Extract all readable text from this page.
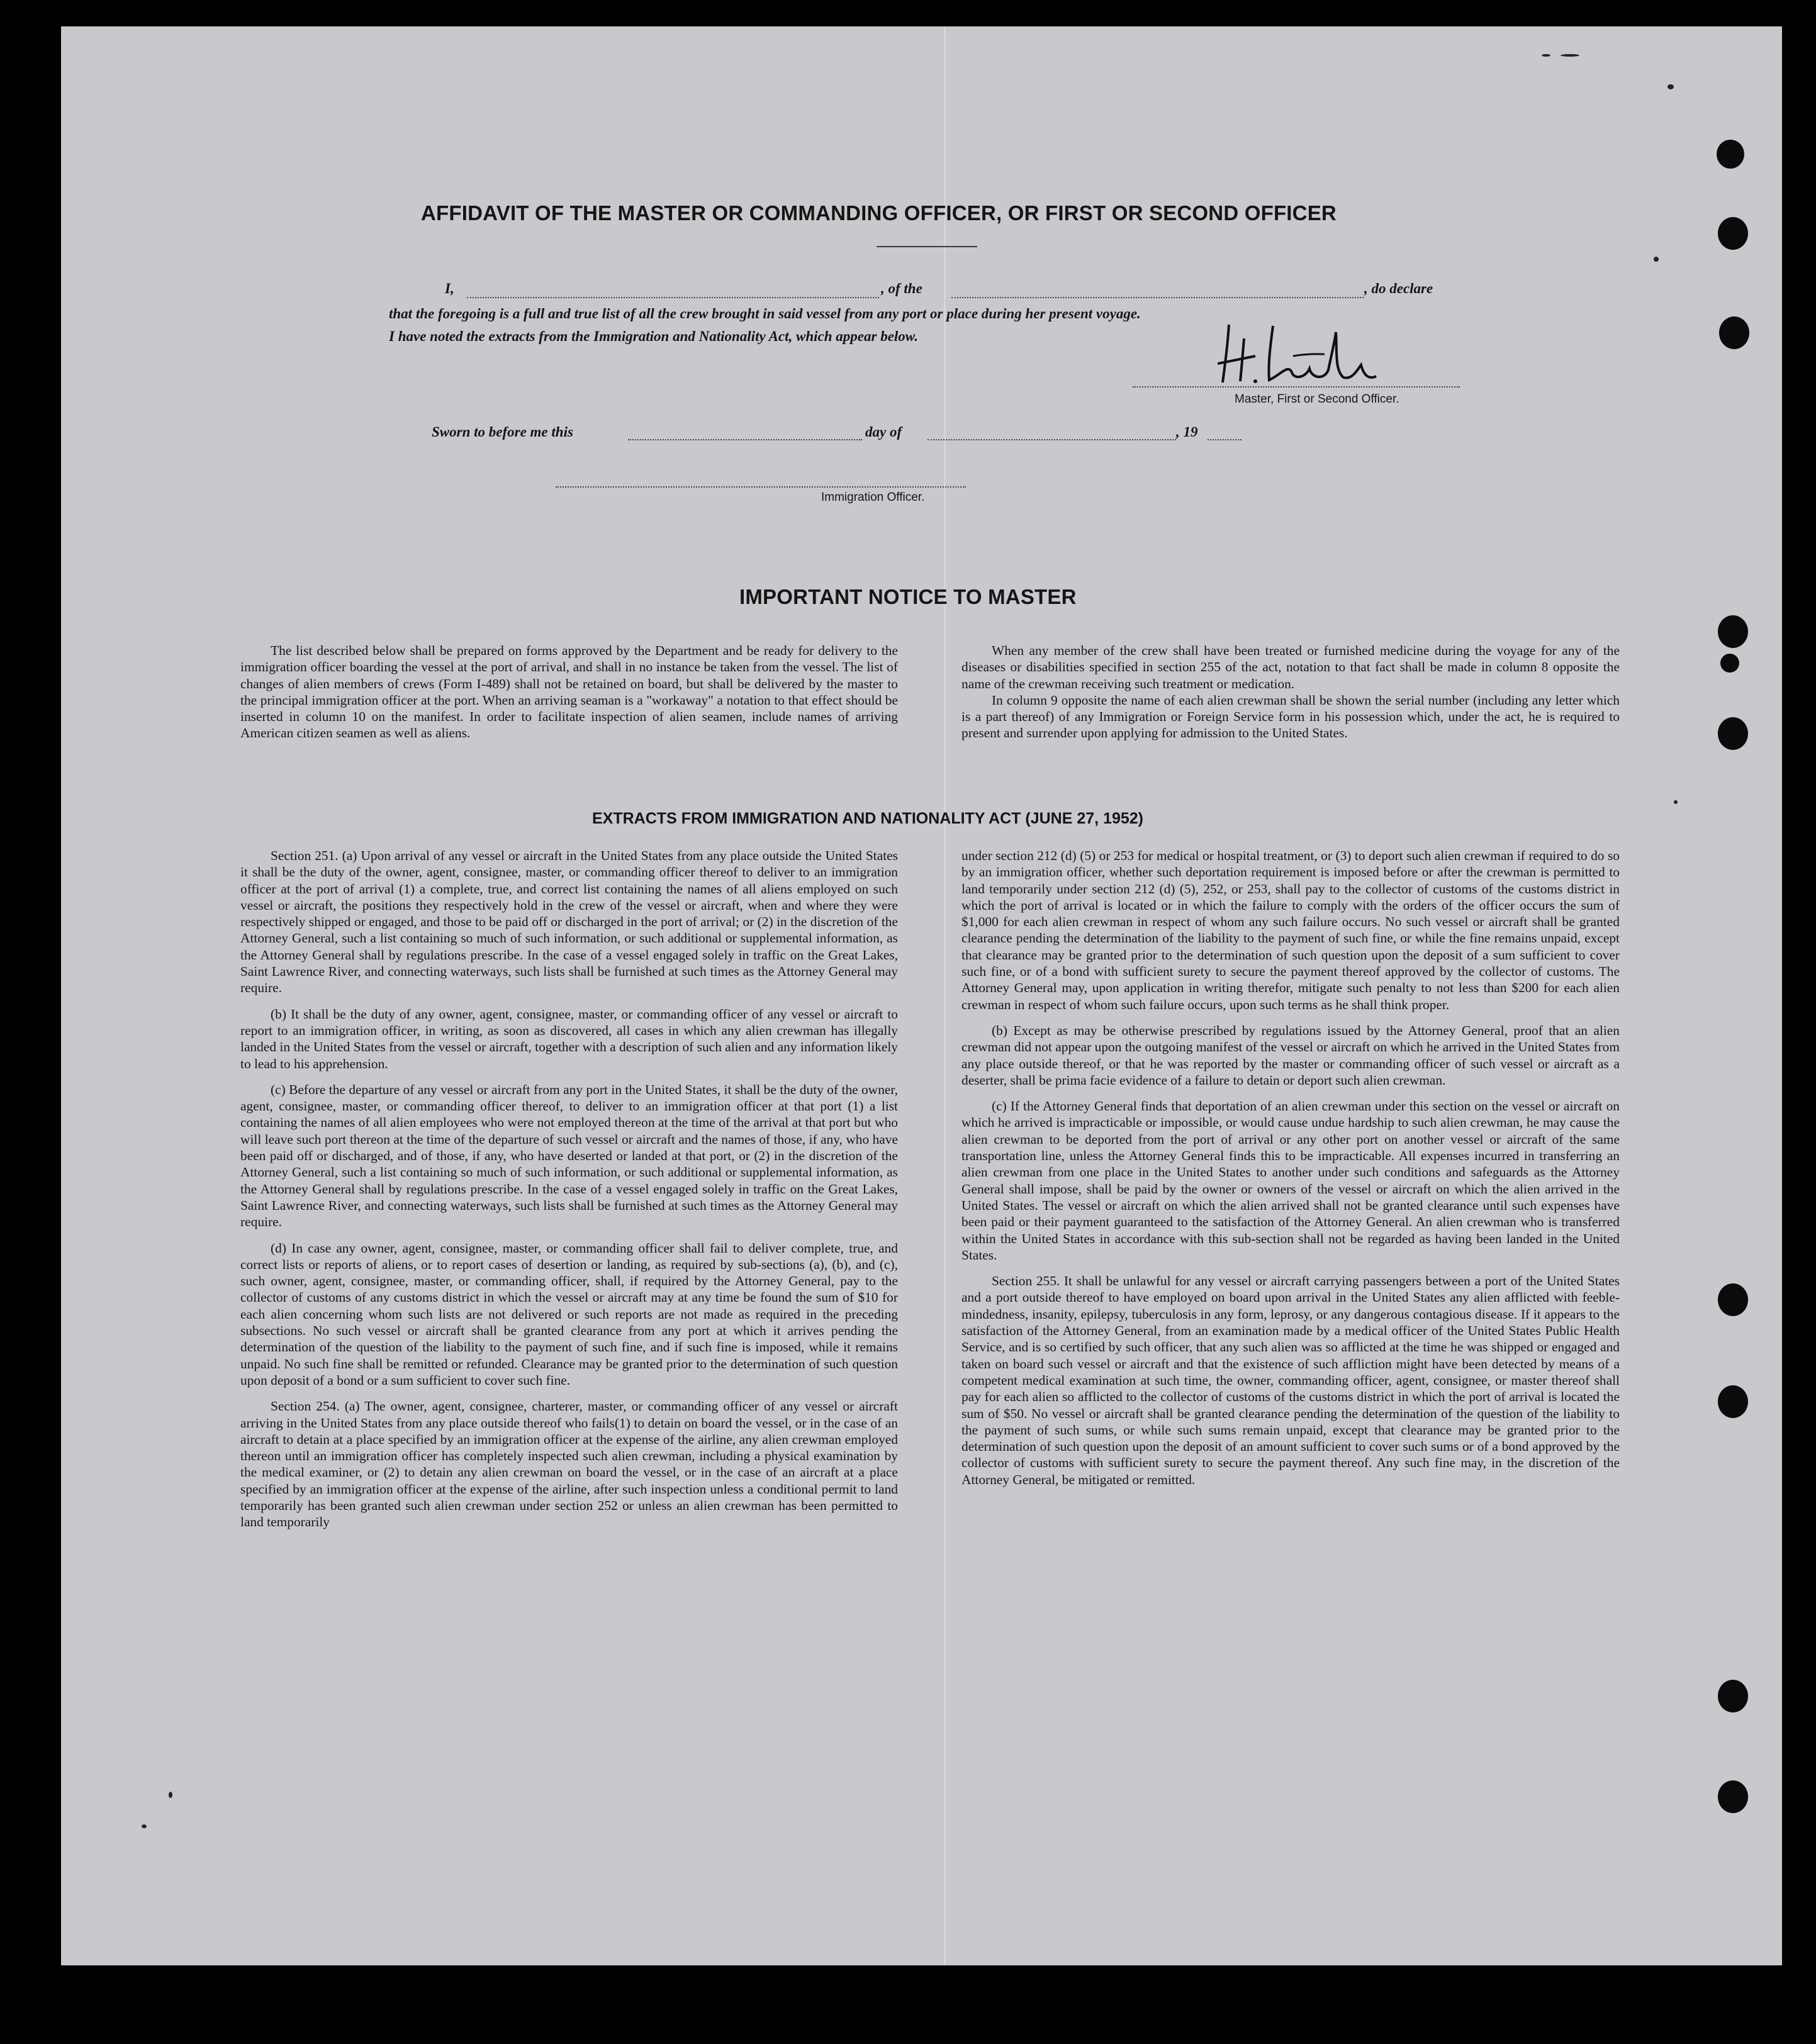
AFFIDAVIT OF THE MASTER OR COMMANDING OFFICER, OR FIRST OR SECOND OFFICER
I,	, of the	, do declare
that the foregoing is a full and true list of all the crew brought in said vessel from any port or place during her present voyage.
I have noted the extracts from the Immigration and Nationality Act, which appear below.
Master, First or Second Officer.
Sworn to before me this	day of	, 19
Immigration Officer.
IMPORTANT NOTICE TO MASTER

The list described below shall be prepared on forms approved by the Department and be ready for delivery to the immigration officer boarding the vessel at the port of arrival, and shall in no instance be taken from the vessel. The list of changes of alien members of crews (Form I-489) shall not be retained on board, but shall be delivered by the master to the principal immigration officer at the port. When an arriving seaman is a "workaway" a notation to that effect should be inserted in column 10 on the manifest. In order to facilitate inspection of alien seamen, include names of arriving American citizen seamen as well as aliens.

When any member of the crew shall have been treated or furnished medicine during the voyage for any of the diseases or disabilities specified in section 255 of the act, notation to that fact shall be made in column 8 opposite the name of the crewman receiving such treatment or medication.

In column 9 opposite the name of each alien crewman shall be shown the serial number (including any letter which is a part thereof) of any Immigration or Foreign Service form in his possession which, under the act, he is required to present and surrender upon applying for admission to the United States.

EXTRACTS FROM IMMIGRATION AND NATIONALITY ACT (JUNE 27, 1952)

Section 251. (a) Upon arrival of any vessel or aircraft in the United States from any place outside the United States it shall be the duty of the owner, agent, consignee, master, or commanding officer thereof to deliver to an immigration officer at the port of arrival (1) a complete, true, and correct list containing the names of all aliens employed on such vessel or aircraft, the positions they respectively hold in the crew of the vessel or aircraft, when and where they were respectively shipped or engaged, and those to be paid off or discharged in the port of arrival; or (2) in the discretion of the Attorney General, such a list containing so much of such information, or such additional or supplemental information, as the Attorney General shall by regulations prescribe. In the case of a vessel engaged solely in traffic on the Great Lakes, Saint Lawrence River, and connecting waterways, such lists shall be furnished at such times as the Attorney General may require.

(b) It shall be the duty of any owner, agent, consignee, master, or commanding officer of any vessel or aircraft to report to an immigration officer, in writing, as soon as discovered, all cases in which any alien crewman has illegally landed in the United States from the vessel or aircraft, together with a description of such alien and any information likely to lead to his apprehension.

(c) Before the departure of any vessel or aircraft from any port in the United States, it shall be the duty of the owner, agent, consignee, master, or commanding officer thereof, to deliver to an immigration officer at that port (1) a list containing the names of all alien employees who were not employed thereon at the time of the arrival at that port but who will leave such port thereon at the time of the departure of such vessel or aircraft and the names of those, if any, who have been paid off or discharged, and of those, if any, who have deserted or landed at that port, or (2) in the discretion of the Attorney General, such a list containing so much of such information, or such additional or supplemental information, as the Attorney General shall by regulations prescribe. In the case of a vessel engaged solely in traffic on the Great Lakes, Saint Lawrence River, and connecting waterways, such lists shall be furnished at such times as the Attorney General may require.

(d) In case any owner, agent, consignee, master, or commanding officer shall fail to deliver complete, true, and correct lists or reports of aliens, or to report cases of desertion or landing, as required by sub-sections (a), (b), and (c), such owner, agent, consignee, master, or commanding officer, shall, if required by the Attorney General, pay to the collector of customs of any customs district in which the vessel or aircraft may at any time be found the sum of $10 for each alien concerning whom such lists are not delivered or such reports are not made as required in the preceding subsections. No such vessel or aircraft shall be granted clearance from any port at which it arrives pending the determination of the question of the liability to the payment of such fine, and if such fine is imposed, while it remains unpaid. No such fine shall be remitted or refunded. Clearance may be granted prior to the determination of such question upon deposit of a bond or a sum sufficient to cover such fine.

Section 254. (a) The owner, agent, consignee, charterer, master, or commanding officer of any vessel or aircraft arriving in the United States from any place outside thereof who fails(1) to detain on board the vessel, or in the case of an aircraft to detain at a place specified by an immigration officer at the expense of the airline, any alien crewman employed thereon until an immigration officer has completely inspected such alien crewman, including a physical examination by the medical examiner, or (2) to detain any alien crewman on board the vessel, or in the case of an aircraft at a place specified by an immigration officer at the expense of the airline, after such inspection unless a conditional permit to land temporarily has been granted such alien crewman under section 252 or unless an alien crewman has been permitted to land temporarily

under section 212 (d) (5) or 253 for medical or hospital treatment, or (3) to deport such alien crewman if required to do so by an immigration officer, whether such deportation requirement is imposed before or after the crewman is permitted to land temporarily under section 212 (d) (5), 252, or 253, shall pay to the collector of customs of the customs district in which the port of arrival is located or in which the failure to comply with the orders of the officer occurs the sum of $1,000 for each alien crewman in respect of whom any such failure occurs. No such vessel or aircraft shall be granted clearance pending the determination of the liability to the payment of such fine, or while the fine remains unpaid, except that clearance may be granted prior to the determination of such question upon the deposit of a sum sufficient to cover such fine, or of a bond with sufficient surety to secure the payment thereof approved by the collector of customs. The Attorney General may, upon application in writing therefor, mitigate such penalty to not less than $200 for each alien crewman in respect of whom such failure occurs, upon such terms as he shall think proper.

(b) Except as may be otherwise prescribed by regulations issued by the Attorney General, proof that an alien crewman did not appear upon the outgoing manifest of the vessel or aircraft on which he arrived in the United States from any place outside thereof, or that he was reported by the master or commanding officer of such vessel or aircraft as a deserter, shall be prima facie evidence of a failure to detain or deport such alien crewman.

(c) If the Attorney General finds that deportation of an alien crewman under this section on the vessel or aircraft on which he arrived is impracticable or impossible, or would cause undue hardship to such alien crewman, he may cause the alien crewman to be deported from the port of arrival or any other port on another vessel or aircraft of the same transportation line, unless the Attorney General finds this to be impracticable. All expenses incurred in transferring an alien crewman from one place in the United States to another under such conditions and safeguards as the Attorney General shall impose, shall be paid by the owner or owners of the vessel or aircraft on which the alien arrived in the United States. The vessel or aircraft on which the alien arrived shall not be granted clearance until such expenses have been paid or their payment guaranteed to the satisfaction of the Attorney General. An alien crewman who is transferred within the United States in accordance with this sub-section shall not be regarded as having been landed in the United States.

Section 255. It shall be unlawful for any vessel or aircraft carrying passengers between a port of the United States and a port outside thereof to have employed on board upon arrival in the United States any alien afflicted with feeble-mindedness, insanity, epilepsy, tuberculosis in any form, leprosy, or any dangerous contagious disease. If it appears to the satisfaction of the Attorney General, from an examination made by a medical officer of the United States Public Health Service, and is so certified by such officer, that any such alien was so afflicted at the time he was shipped or engaged and taken on board such vessel or aircraft and that the existence of such affliction might have been detected by means of a competent medical examination at such time, the owner, commanding officer, agent, consignee, or master thereof shall pay for each alien so afflicted to the collector of customs of the customs district in which the port of arrival is located the sum of $50. No vessel or aircraft shall be granted clearance pending the determination of the question of the liability to the payment of such sums, or while such sums remain unpaid, except that clearance may be granted prior to the determination of such question upon the deposit of an amount sufficient to cover such sums or of a bond approved by the collector of customs with sufficient surety to secure the payment thereof. Any such fine may, in the discretion of the Attorney General, be mitigated or remitted.
